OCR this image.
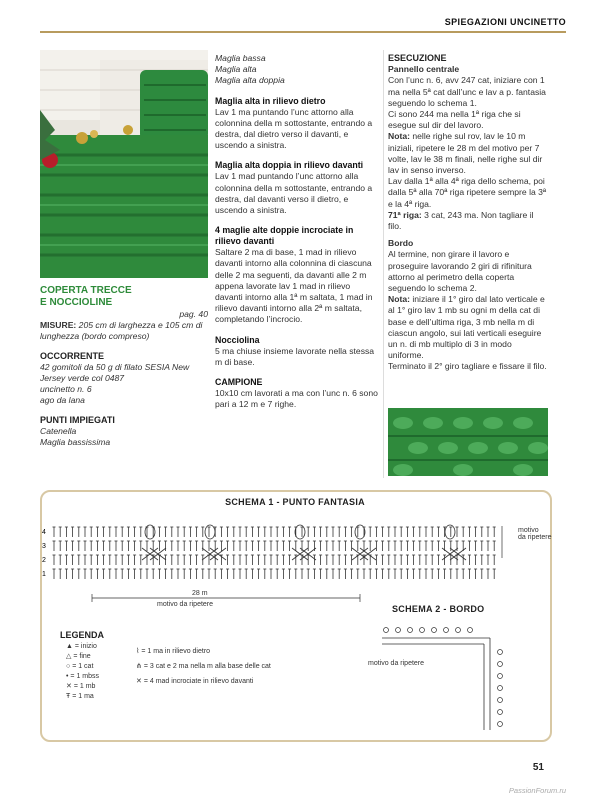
SPIEGAZIONI UNCINETTO
COPERTA TRECCE
E NOCCIOLINE
pag. 40

MISURE: 205 cm di larghezza e 105 cm di lunghezza (bordo compreso)

OCCORRENTE

42 gomitoli da 50 g di filato SESIA New Jersey verde col 0487

uncinetto n. 6

ago da lana

PUNTI IMPIEGATI

Catenella

Maglia bassissima

Maglia bassa

Maglia alta

Maglia alta doppia

Maglia alta in rilievo dietro

Lav 1 ma puntando l’unc attorno alla colonnina della m sottostante, entrando a destra, dal dietro verso il davanti, e uscendo a sinistra.

Maglia alta doppia in rilievo davanti

Lav 1 mad puntando l’unc attorno alla colonnina della m sottostante, entrando a destra, dal davanti verso il dietro, e uscendo a sinistra.

4 maglie alte doppie incrociate in rilievo davanti

Saltare 2 ma di base, 1 mad in rilievo davanti intorno alla colonnina di ciascuna delle 2 ma seguenti, da davanti alle 2 m appena lavorate lav 1 mad in rilievo davanti intorno alla 1ª m saltata, 1 mad in rilievo davanti intorno alla 2ª m saltata, completando l’incrocio.

Nocciolina

5 ma chiuse insieme lavorate nella stessa m di base.

CAMPIONE

10x10 cm lavorati a ma con l’unc n. 6 sono pari a 12 m e 7 righe.

ESECUZIONE
Pannello centrale

Con l’unc n. 6, avv 247 cat, iniziare con 1 ma nella 5ª cat dall’unc e lav a p. fantasia seguendo lo schema 1.

Ci sono 244 ma nella 1ª riga che si esegue sul dir del lavoro.

Nota: nelle righe sul rov, lav le 10 m iniziali, ripetere le 28 m del motivo per 7 volte, lav le 38 m finali, nelle righe sul dir lav in senso inverso.

Lav dalla 1ª alla 4ª riga dello schema, poi dalla 5ª alla 70ª riga ripetere sempre la 3ª e la 4ª riga.

71ª riga: 3 cat, 243 ma. Non tagliare il filo.

Bordo

Al termine, non girare il lavoro e proseguire lavorando 2 giri di rifinitura attorno al perimetro della coperta seguendo lo schema 2.

Nota: iniziare il 1° giro dal lato verticale e al 1° giro lav 1 mb su ogni m della cat di base e dell’ultima riga, 3 mb nella m di ciascun angolo, sui lati verticali eseguire un n. di mb multiplo di 3 in modo uniforme.

Terminato il 2° giro tagliare e fissare il filo.

SCHEMA 1 - PUNTO FANTASIA
4
3
2
1
motivo
da ripetere
28 m
motivo da ripetere	SCHEMA 2 - BORDO
motivo da ripetere
LEGENDA
▲ = inizio
△ = fine
○ = 1 cat
• = 1 mbss
✕ = 1 mb
Ŧ = 1 ma
⌇ = 1 ma in rilievo dietro
⋔ = 3 cat e 2 ma nella m alla base delle cat
✕ = 4 mad incrociate in rilievo davanti
51
PassionForum.ru
